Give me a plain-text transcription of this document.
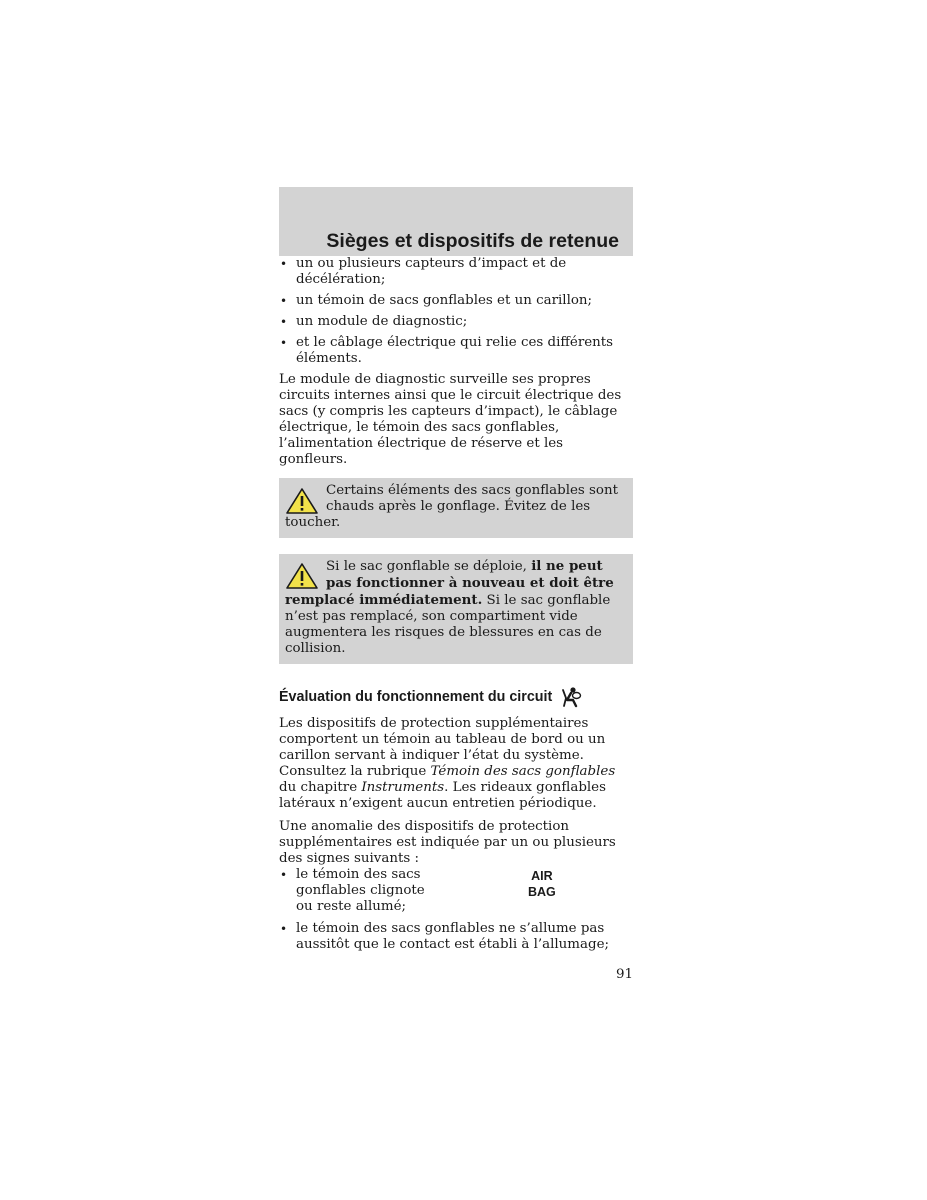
Sièges et dispositifs de retenue
• un ou plusieurs capteurs d’impact et de décélération;
• un témoin de sacs gonflables et un carillon;
• un module de diagnostic;
• et le câblage électrique qui relie ces différents éléments.

Le module de diagnostic surveille ses propres circuits internes ainsi que le circuit électrique des sacs (y compris les capteurs d’impact), le câblage électrique, le témoin des sacs gonflables, l’alimentation électrique de réserve et les gonfleurs.

Certains éléments des sacs gonflables sont chauds après le gonflage. Évitez de les toucher.
Si le sac gonflable se déploie, il ne peut pas fonctionner à nouveau et doit être remplacé immédiatement. Si le sac gonflable n’est pas remplacé, son compartiment vide augmentera les risques de blessures en cas de collision.
Évaluation du fonctionnement du circuit

Les dispositifs de protection supplémentaires comportent un témoin au tableau de bord ou un carillon servant à indiquer l’état du système. Consultez la rubrique Témoin des sacs gonflables du chapitre Instruments. Les rideaux gonflables latéraux n’exigent aucun entretien périodique.

Une anomalie des dispositifs de protection supplémentaires est indiquée par un ou plusieurs des signes suivants :

• le témoin des sacs gonflables clignote ou reste allumé;
AIR
BAG
• le témoin des sacs gonflables ne s’allume pas aussitôt que le contact est établi à l’allumage;
91
